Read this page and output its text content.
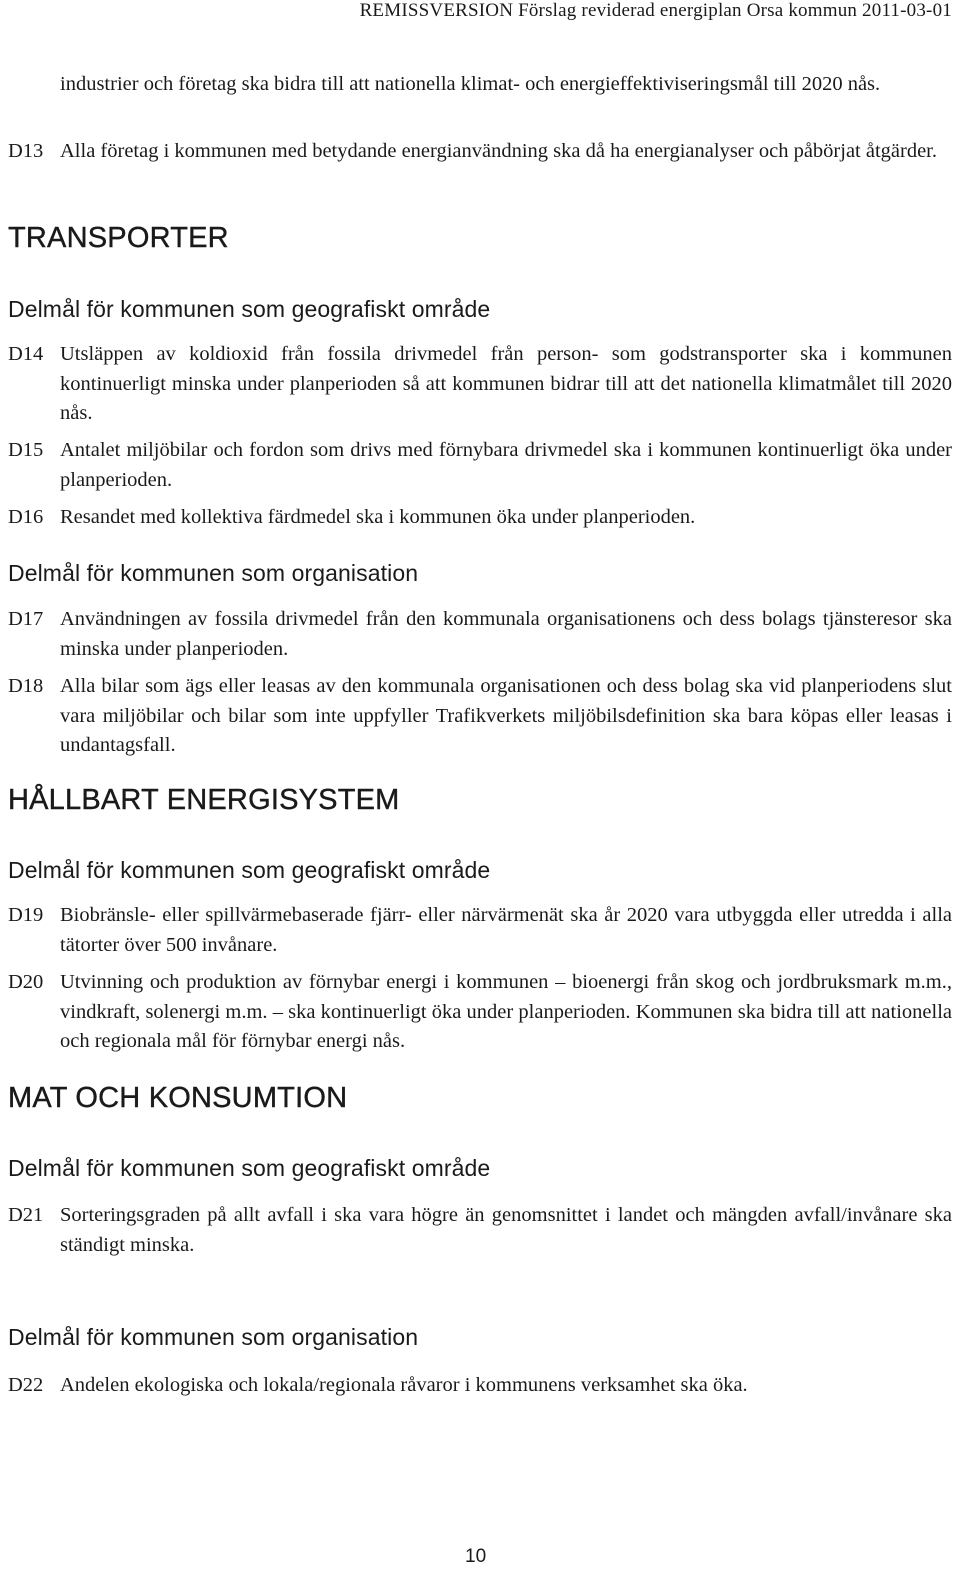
REMISSVERSION Förslag reviderad energiplan Orsa kommun 2011-03-01
industrier och företag ska bidra till att nationella klimat- och energieffektiviseringsmål till 2020 nås.
D13 Alla företag i kommunen med betydande energianvändning ska då ha energianalyser och påbörjat åtgärder.
TRANSPORTER
Delmål för kommunen som geografiskt område
D14 Utsläppen av koldioxid från fossila drivmedel från person- som godstransporter ska i kommunen kontinuerligt minska under planperioden så att kommunen bidrar till att det nationella klimatmålet till 2020 nås.
D15 Antalet miljöbilar och fordon som drivs med förnybara drivmedel ska i kommunen kontinuerligt öka under planperioden.
D16 Resandet med kollektiva färdmedel ska i kommunen öka under planperioden.
Delmål för kommunen som organisation
D17 Användningen av fossila drivmedel från den kommunala organisationens och dess bolags tjänsteresor ska minska under planperioden.
D18 Alla bilar som ägs eller leasas av den kommunala organisationen och dess bolag ska vid planperiodens slut vara miljöbilar och bilar som inte uppfyller Trafikverkets miljöbilsdefinition ska bara köpas eller leasas i undantagsfall.
HÅLLBART ENERGISYSTEM
Delmål för kommunen som geografiskt område
D19 Biobränsle- eller spillvärmebaserade fjärr- eller närvärmenät ska år 2020 vara utbyggda eller utredda i alla tätorter över 500 invånare.
D20 Utvinning och produktion av förnybar energi i kommunen – bioenergi från skog och jordbruksmark m.m., vindkraft, solenergi m.m. – ska kontinuerligt öka under planperioden. Kommunen ska bidra till att nationella och regionala mål för förnybar energi nås.
MAT OCH KONSUMTION
Delmål för kommunen som geografiskt område
D21 Sorteringsgraden på allt avfall i ska vara högre än genomsnittet i landet och mängden avfall/invånare ska ständigt minska.
Delmål för kommunen som organisation
D22 Andelen ekologiska och lokala/regionala råvaror i kommunens verksamhet ska öka.
10
